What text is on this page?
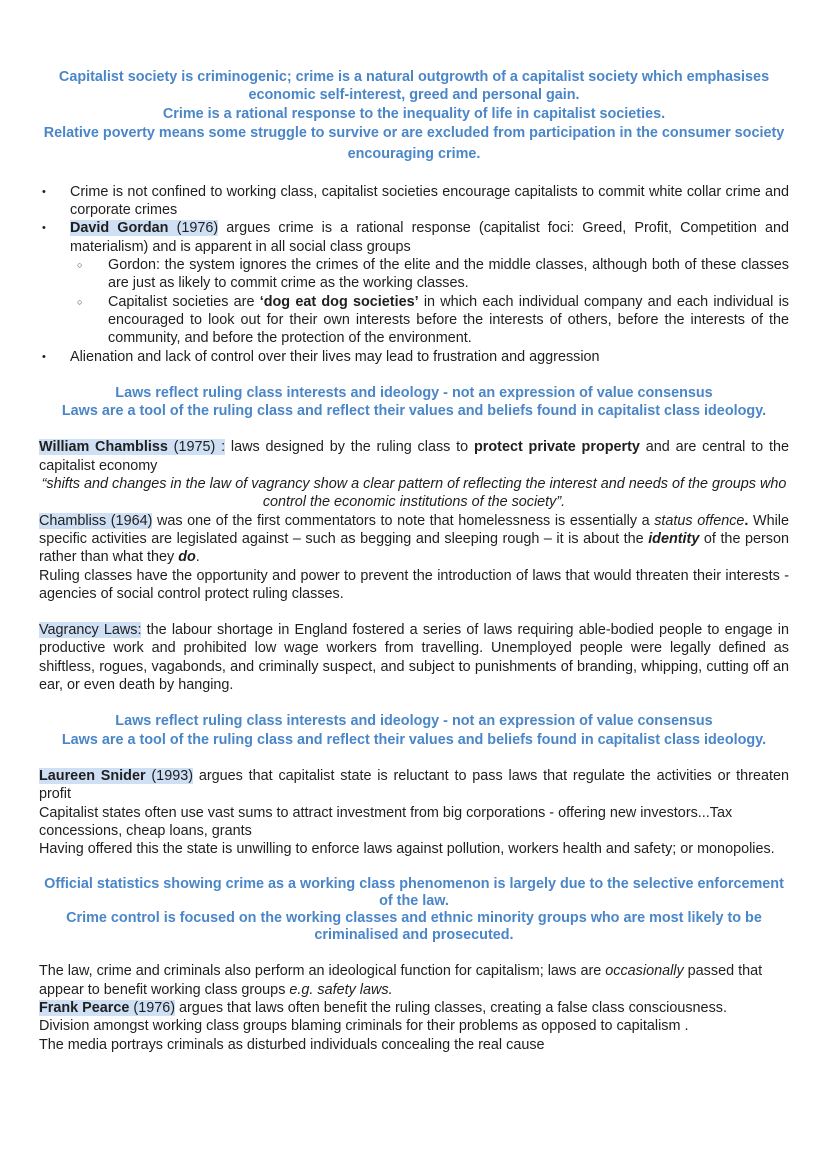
Capitalist society is criminogenic; crime is a natural outgrowth of a capitalist society which emphasises economic self-interest, greed and personal gain.

Crime is a rational response to the inequality of life in capitalist societies.

Relative poverty means some struggle to survive or are excluded from participation in the consumer society encouraging crime.

• Crime is not confined to working class, capitalist societies encourage capitalists to commit white collar crime and corporate crimes
• David Gordan (1976) argues crime is a rational response (capitalist foci: Greed, Profit, Competition and materialism) and is apparent in all social class groups
○ Gordon: the system ignores the crimes of the elite and the middle classes, although both of these classes are just as likely to commit crime as the working classes.
○ Capitalist societies are ‘dog eat dog societies’ in which each individual company and each individual is encouraged to look out for their own interests before the interests of others, before the interests of the community, and before the protection of the environment.
• Alienation and lack of control over their lives may lead to frustration and aggression

Laws reflect ruling class interests and ideology - not an expression of value consensus

Laws are a tool of the ruling class and reflect their values and beliefs found in capitalist class ideology.

William Chambliss (1975) : laws designed by the ruling class to protect private property and are central to the capitalist economy

“shifts and changes in the law of vagrancy show a clear pattern of reflecting the interest and needs of the groups who control the economic institutions of the society”.

Chambliss (1964) was one of the first commentators to note that homelessness is essentially a status offence. While specific activities are legislated against – such as begging and sleeping rough – it is about the identity of the person rather than what they do.

Ruling classes have the opportunity and power to prevent the introduction of laws that would threaten their interests - agencies of social control protect ruling classes.

Vagrancy Laws: the labour shortage in England fostered a series of laws requiring able-bodied people to engage in productive work and prohibited low wage workers from travelling. Unemployed people were legally defined as shiftless, rogues, vagabonds, and criminally suspect, and subject to punishments of branding, whipping, cutting off an ear, or even death by hanging.

Laws reflect ruling class interests and ideology - not an expression of value consensus

Laws are a tool of the ruling class and reflect their values and beliefs found in capitalist class ideology.

Laureen Snider (1993) argues that capitalist state is reluctant to pass laws that regulate the activities or threaten profit

Capitalist states often use vast sums to attract investment from big corporations - offering new investors...Tax concessions, cheap loans, grants

Having offered this the state is unwilling to enforce laws against pollution, workers health and safety; or monopolies.

Official statistics showing crime as a working class phenomenon is largely due to the selective enforcement of the law.

Crime control is focused on the working classes and ethnic minority groups who are most likely to be criminalised and prosecuted.

The law, crime and criminals also perform an ideological function for capitalism; laws are occasionally passed that appear to benefit working class groups e.g. safety laws.

Frank Pearce (1976) argues that laws often benefit the ruling classes, creating a false class consciousness.

Division amongst working class groups blaming criminals for their problems as opposed to capitalism .

The media portrays criminals as disturbed individuals concealing the real cause
